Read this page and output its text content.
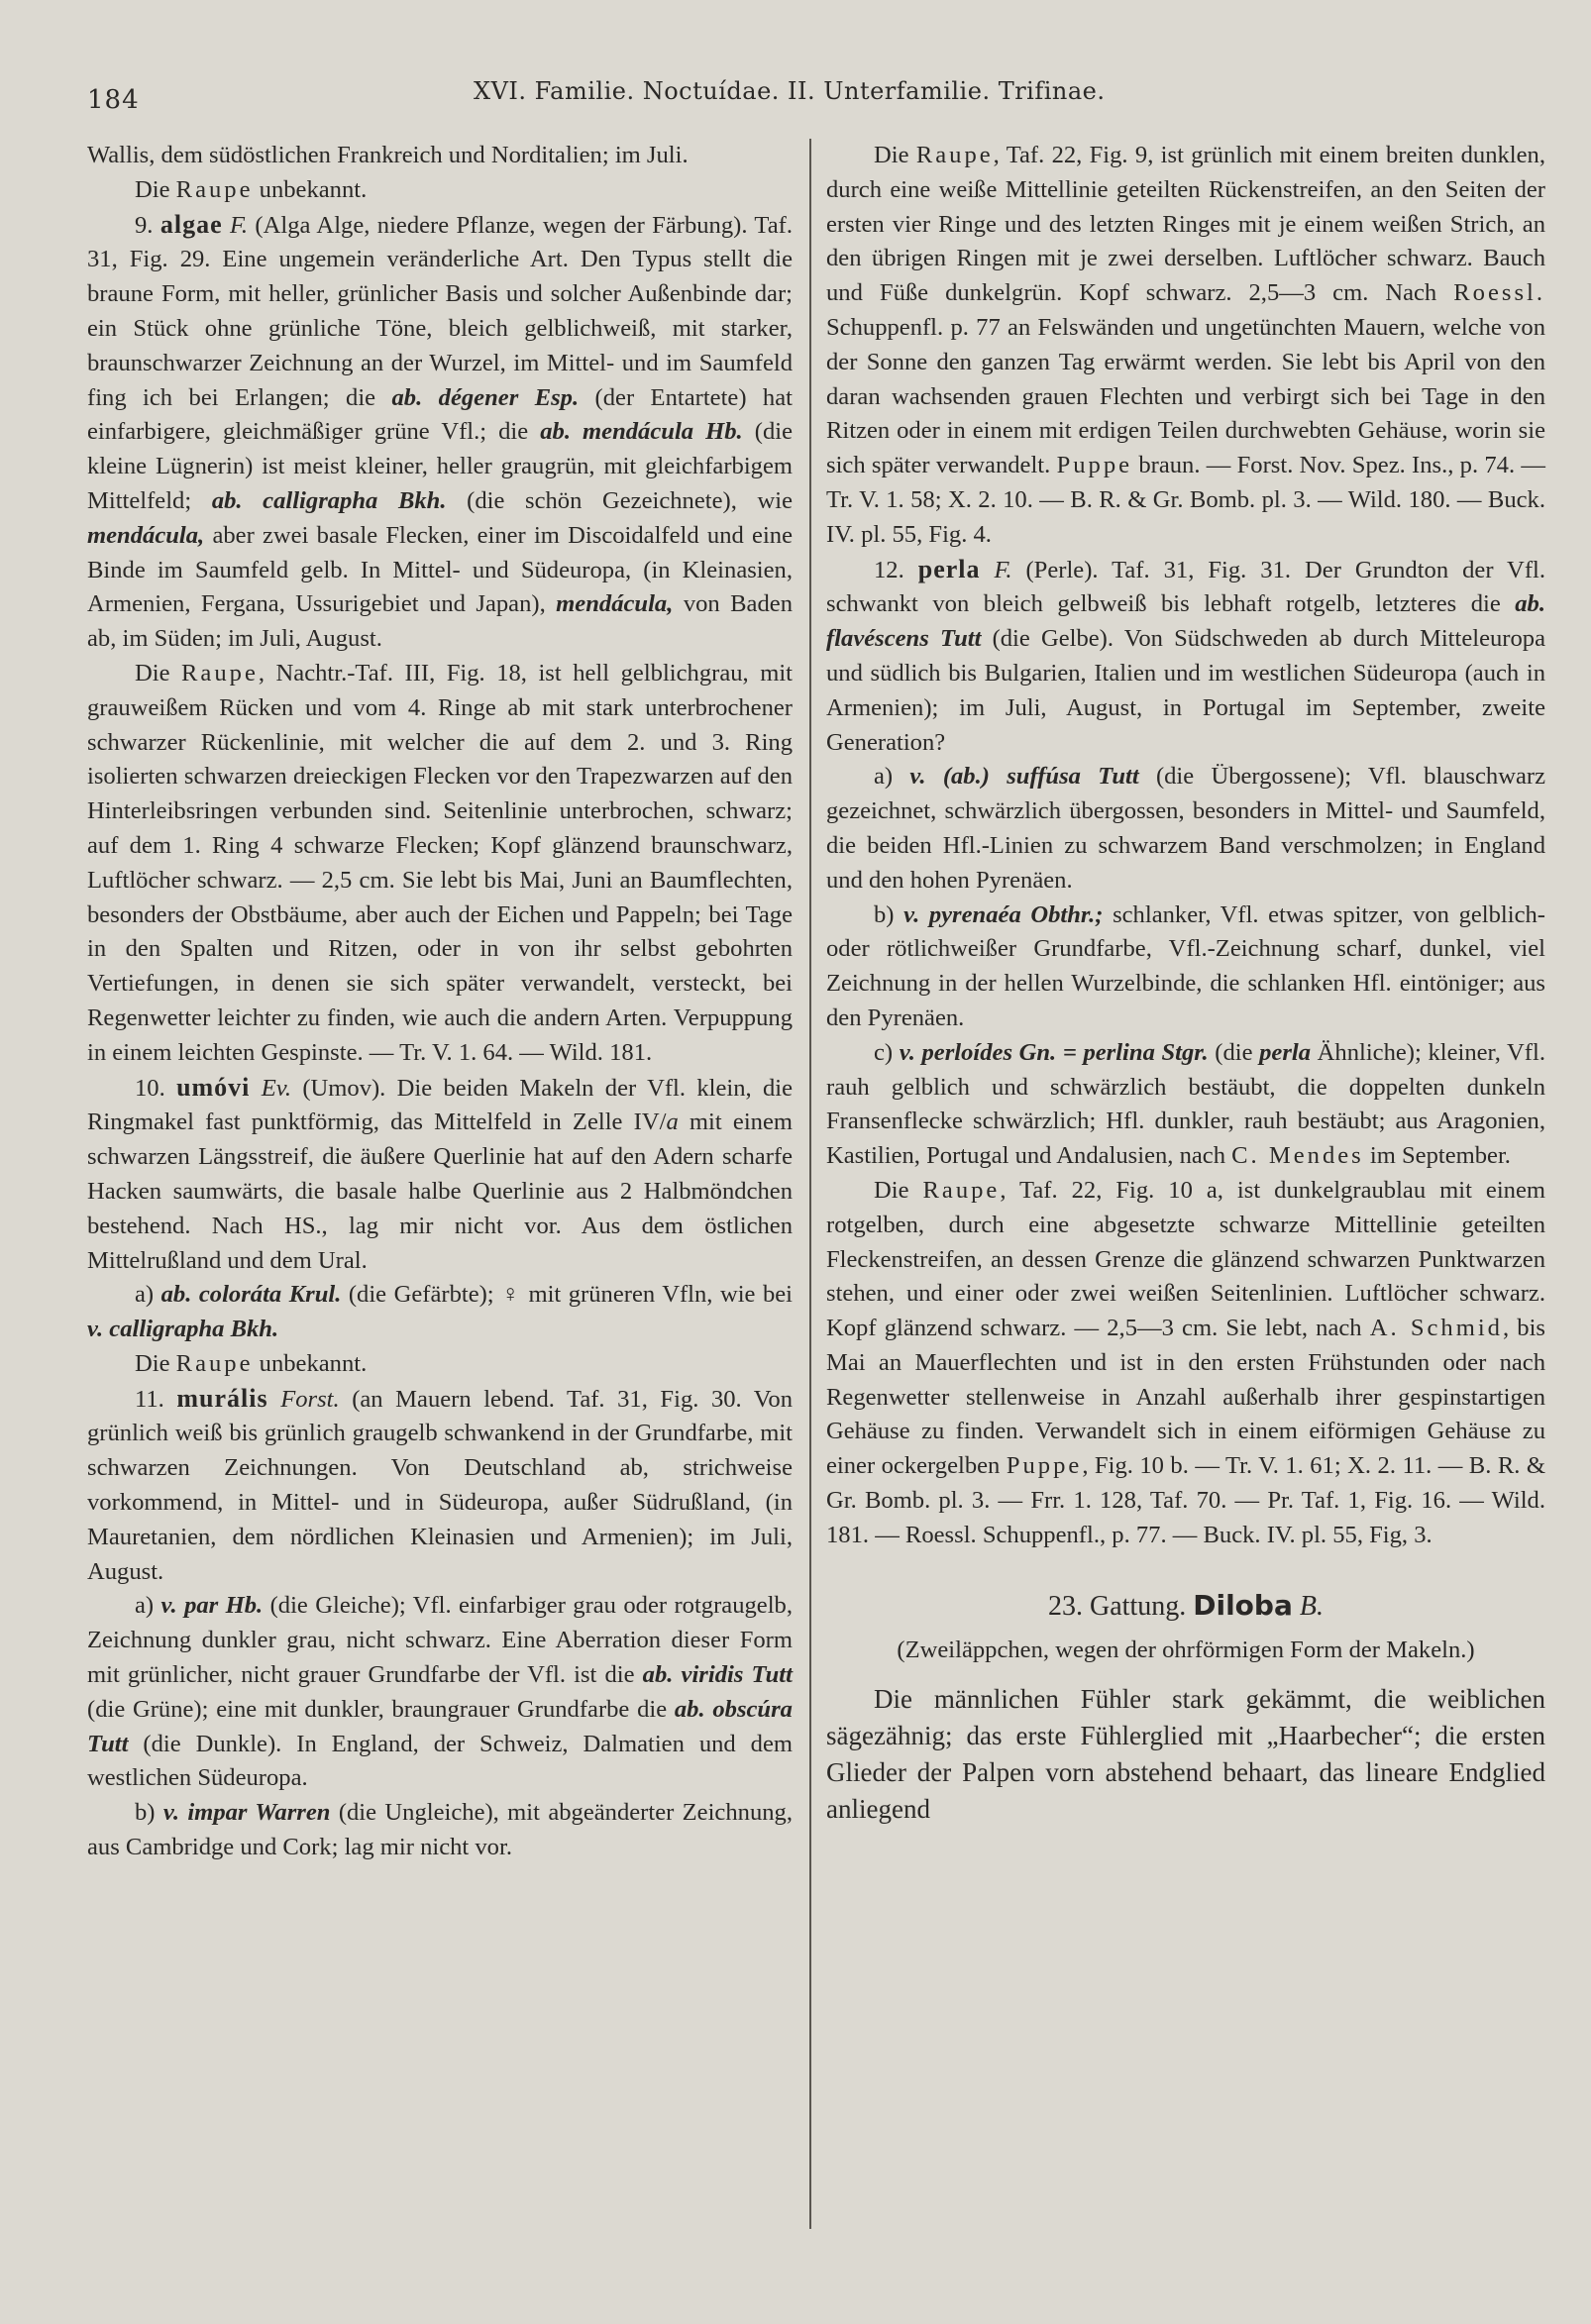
184	XVI. Familie. Noctuídae. II. Unterfamilie. Trifinae.

Wallis, dem südöstlichen Frankreich und Norditalien; im Juli.

Die Raupe unbekannt.

9. algae F. (Alga Alge, niedere Pflanze, wegen der Färbung). Taf. 31, Fig. 29. Eine ungemein veränderliche Art. Den Typus stellt die braune Form, mit heller, grünlicher Basis und solcher Außenbinde dar; ein Stück ohne grünliche Töne, bleich gelblichweiß, mit starker, braunschwarzer Zeichnung an der Wurzel, im Mittel- und im Saumfeld fing ich bei Erlangen; die ab. dégener Esp. (der Entartete) hat einfarbigere, gleichmäßiger grüne Vfl.; die ab. mendácula Hb. (die kleine Lügnerin) ist meist kleiner, heller graugrün, mit gleichfarbigem Mittelfeld; ab. calligrapha Bkh. (die schön Gezeichnete), wie mendácula, aber zwei basale Flecken, einer im Discoidalfeld und eine Binde im Saumfeld gelb. In Mittel- und Südeuropa, (in Kleinasien, Armenien, Fergana, Ussurigebiet und Japan), mendácula, von Baden ab, im Süden; im Juli, August.

Die Raupe, Nachtr.-Taf. III, Fig. 18, ist hell gelblichgrau, mit grauweißem Rücken und vom 4. Ringe ab mit stark unterbrochener schwarzer Rückenlinie, mit welcher die auf dem 2. und 3. Ring isolierten schwarzen dreieckigen Flecken vor den Trapezwarzen auf den Hinterleibsringen verbunden sind. Seitenlinie unterbrochen, schwarz; auf dem 1. Ring 4 schwarze Flecken; Kopf glänzend braunschwarz, Luftlöcher schwarz. — 2,5 cm. Sie lebt bis Mai, Juni an Baumflechten, besonders der Obstbäume, aber auch der Eichen und Pappeln; bei Tage in den Spalten und Ritzen, oder in von ihr selbst gebohrten Vertiefungen, in denen sie sich später verwandelt, versteckt, bei Regenwetter leichter zu finden, wie auch die andern Arten. Verpuppung in einem leichten Gespinste. — Tr. V. 1. 64. — Wild. 181.

10. umóvi Ev. (Umov). Die beiden Makeln der Vfl. klein, die Ringmakel fast punktförmig, das Mittelfeld in Zelle IV/a mit einem schwarzen Längsstreif, die äußere Querlinie hat auf den Adern scharfe Hacken saumwärts, die basale halbe Querlinie aus 2 Halbmöndchen bestehend. Nach HS., lag mir nicht vor. Aus dem östlichen Mittelrußland und dem Ural.

a) ab. coloráta Krul. (die Gefärbte); ♀ mit grüneren Vfln, wie bei v. calligrapha Bkh.

Die Raupe unbekannt.

11. murális Forst. (an Mauern lebend. Taf. 31, Fig. 30. Von grünlich weiß bis grünlich graugelb schwankend in der Grundfarbe, mit schwarzen Zeichnungen. Von Deutschland ab, strichweise vorkommend, in Mittel- und in Südeuropa, außer Südrußland, (in Mauretanien, dem nördlichen Kleinasien und Armenien); im Juli, August.

a) v. par Hb. (die Gleiche); Vfl. einfarbiger grau oder rotgraugelb, Zeichnung dunkler grau, nicht schwarz. Eine Aberration dieser Form mit grünlicher, nicht grauer Grundfarbe der Vfl. ist die ab. viridis Tutt (die Grüne); eine mit dunkler, braungrauer Grundfarbe die ab. obscúra Tutt (die Dunkle). In England, der Schweiz, Dalmatien und dem westlichen Südeuropa.

b) v. impar Warren (die Ungleiche), mit abgeänderter Zeichnung, aus Cambridge und Cork; lag mir nicht vor.

Die Raupe, Taf. 22, Fig. 9, ist grünlich mit einem breiten dunklen, durch eine weiße Mittellinie geteilten Rückenstreifen, an den Seiten der ersten vier Ringe und des letzten Ringes mit je einem weißen Strich, an den übrigen Ringen mit je zwei derselben. Luftlöcher schwarz. Bauch und Füße dunkelgrün. Kopf schwarz. 2,5—3 cm. Nach Roessl. Schuppenfl. p. 77 an Felswänden und ungetünchten Mauern, welche von der Sonne den ganzen Tag erwärmt werden. Sie lebt bis April von den daran wachsenden grauen Flechten und verbirgt sich bei Tage in den Ritzen oder in einem mit erdigen Teilen durchwebten Gehäuse, worin sie sich später verwandelt. Puppe braun. — Forst. Nov. Spez. Ins., p. 74. — Tr. V. 1. 58; X. 2. 10. — B. R. & Gr. Bomb. pl. 3. — Wild. 180. — Buck. IV. pl. 55, Fig. 4.

12. perla F. (Perle). Taf. 31, Fig. 31. Der Grundton der Vfl. schwankt von bleich gelbweiß bis lebhaft rotgelb, letzteres die ab. flavéscens Tutt (die Gelbe). Von Südschweden ab durch Mitteleuropa und südlich bis Bulgarien, Italien und im westlichen Südeuropa (auch in Armenien); im Juli, August, in Portugal im September, zweite Generation?

a) v. (ab.) suffúsa Tutt (die Übergossene); Vfl. blauschwarz gezeichnet, schwärzlich übergossen, besonders in Mittel- und Saumfeld, die beiden Hfl.-Linien zu schwarzem Band verschmolzen; in England und den hohen Pyrenäen.

b) v. pyrenaéa Obthr.; schlanker, Vfl. etwas spitzer, von gelblich- oder rötlichweißer Grundfarbe, Vfl.-Zeichnung scharf, dunkel, viel Zeichnung in der hellen Wurzelbinde, die schlanken Hfl. eintöniger; aus den Pyrenäen.

c) v. perloídes Gn. = perlina Stgr. (die perla Ähnliche); kleiner, Vfl. rauh gelblich und schwärzlich bestäubt, die doppelten dunkeln Fransenflecke schwärzlich; Hfl. dunkler, rauh bestäubt; aus Aragonien, Kastilien, Portugal und Andalusien, nach C. Mendes im September.

Die Raupe, Taf. 22, Fig. 10 a, ist dunkelgraublau mit einem rotgelben, durch eine abgesetzte schwarze Mittellinie geteilten Fleckenstreifen, an dessen Grenze die glänzend schwarzen Punktwarzen stehen, und einer oder zwei weißen Seitenlinien. Luftlöcher schwarz. Kopf glänzend schwarz. — 2,5—3 cm. Sie lebt, nach A. Schmid, bis Mai an Mauerflechten und ist in den ersten Frühstunden oder nach Regenwetter stellenweise in Anzahl außerhalb ihrer gespinstartigen Gehäuse zu finden. Verwandelt sich in einem eiförmigen Gehäuse zu einer ockergelben Puppe, Fig. 10 b. — Tr. V. 1. 61; X. 2. 11. — B. R. & Gr. Bomb. pl. 3. — Frr. 1. 128, Taf. 70. — Pr. Taf. 1, Fig. 16. — Wild. 181. — Roessl. Schuppenfl., p. 77. — Buck. IV. pl. 55, Fig, 3.

23. Gattung. Diloba B.

(Zweiläppchen, wegen der ohrförmigen Form der Makeln.)

Die männlichen Fühler stark gekämmt, die weiblichen sägezähnig; das erste Fühlerglied mit „Haarbecher“; die ersten Glieder der Palpen vorn abstehend behaart, das lineare Endglied anliegend
